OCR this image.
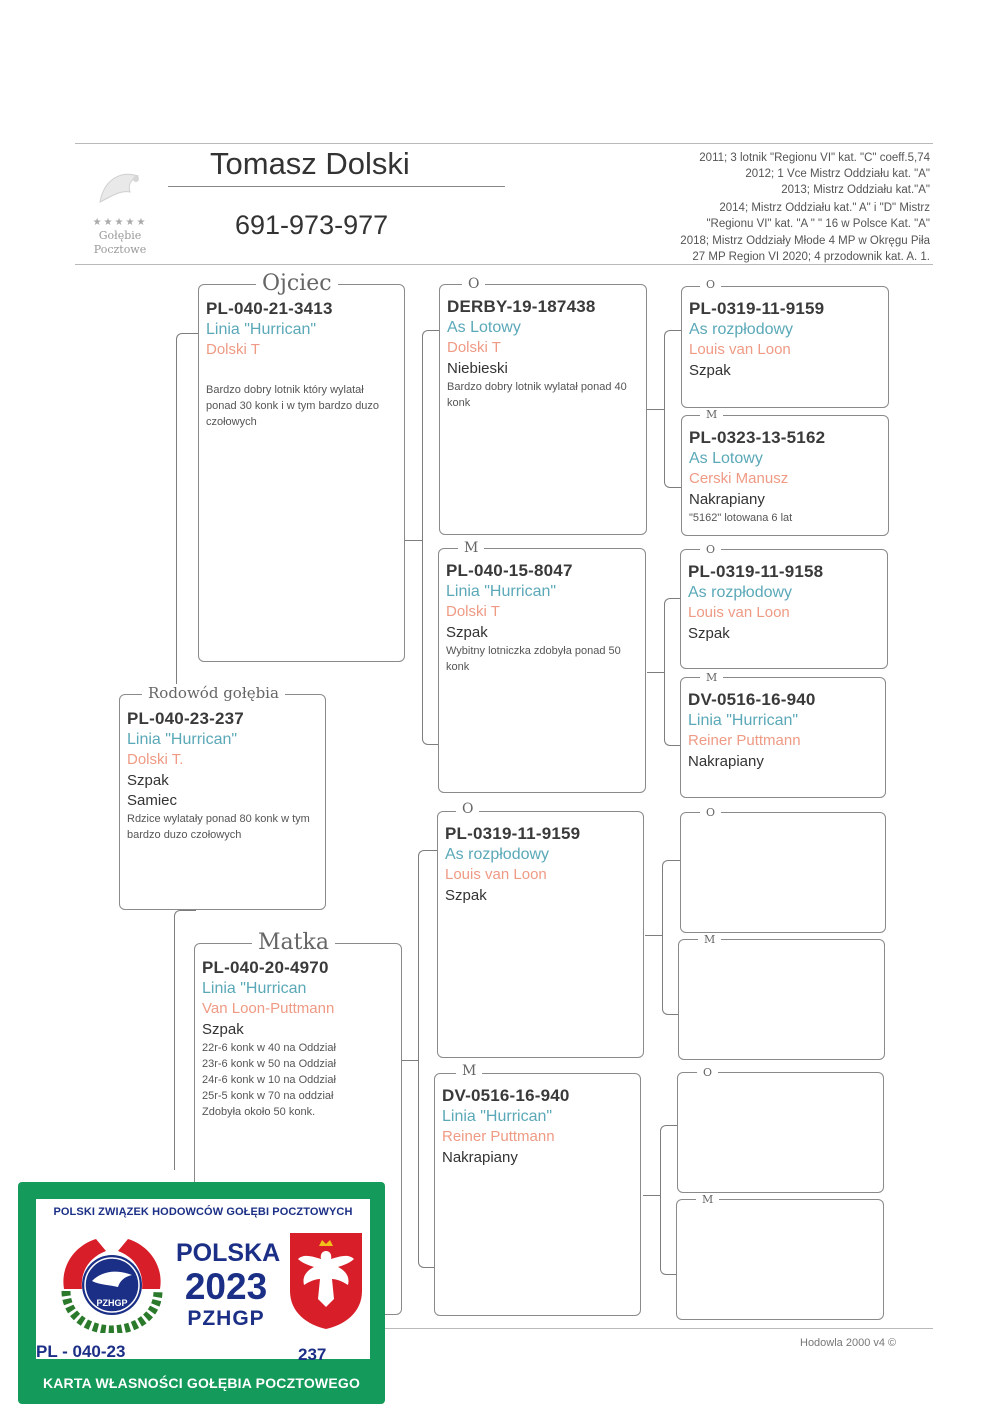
★★★★★
Gołębie
Pocztowe
Tomasz Dolski
691-973-977
2011; 3 lotnik "Regionu VI" kat. "C" coeff.5,74
2012; 1 Vce Mistrz Oddziału kat. "A"
2013; Mistrz Oddziału kat."A"
2014; Mistrz Oddziału kat." A" i "D" Mistrz
"Regionu VI" kat. "A " " 16 w Polsce Kat. "A"
2018; Mistrz Oddziały Młode 4 MP w Okręgu Piła
27 MP Region VI 2020; 4 przodownik kat. A. 1.
PL-040-23-237
Linia "Hurrican"
Dolski T.
Szpak
Samiec
Rdzice wylatały ponad 80 konk w tym bardzo duzo czołowych
Rodowód gołębia
PL-040-21-3413
Linia "Hurrican"
Dolski T
Bardzo dobry lotnik który wylatał ponad 30 konk i w tym bardzo duzo czołowych
Ojciec
PL-040-20-4970
Linia "Hurrican
Van Loon-Puttmann
Szpak
22r-6 konk w 40 na Oddział
23r-6 konk w 50 na Oddział
24r-6 konk w 10 na Oddział
25r-5 konk w 70 na oddział
Zdobyła około 50 konk.
Matka
DERBY-19-187438
As Lotowy
Dolski T
Niebieski
Bardzo dobry lotnik wylatał ponad 40 konk
O
PL-040-15-8047
Linia "Hurrican"
Dolski T
Szpak
Wybitny lotniczka zdobyła ponad 50 konk
M
PL-0319-11-9159
As rozpłodowy
Louis van Loon
Szpak
O
DV-0516-16-940
Linia "Hurrican"
Reiner Puttmann
Nakrapiany
M
PL-0319-11-9159
As rozpłodowy
Louis van Loon
Szpak
O
PL-0323-13-5162
As Lotowy
Cerski Manusz
Nakrapiany
"5162" lotowana 6 lat
M
PL-0319-11-9158
As rozpłodowy
Louis van Loon
Szpak
O
DV-0516-16-940
Linia "Hurrican"
Reiner Puttmann
Nakrapiany
M
O
M
O
M
Hodowla 2000 v4 ©
POLSKI ZWIĄZEK HODOWCÓW GOŁĘBI POCZTOWYCH
PZHGP
POLSKA
2023
PZHGP
PL - 040-23	237
KARTA WŁASNOŚCI GOŁĘBIA POCZTOWEGO
